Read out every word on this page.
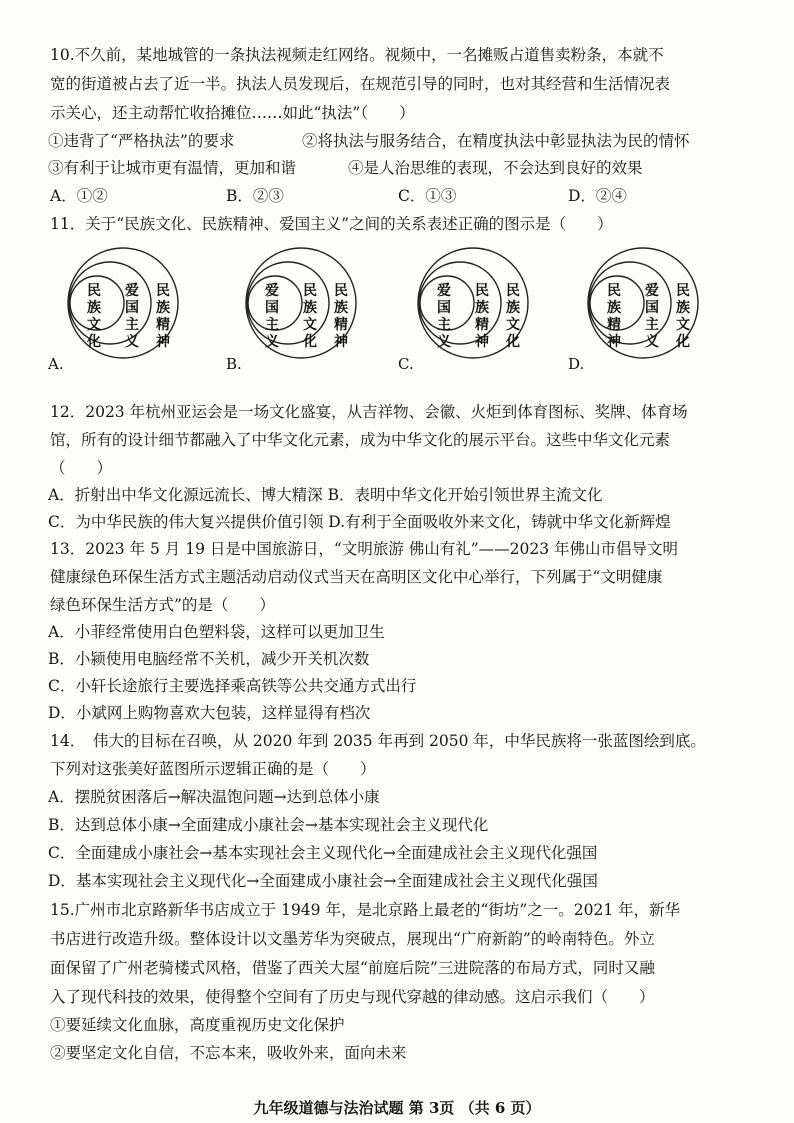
10.不久前，某地城管的一条执法视频走红网络。视频中，一名摊贩占道售卖粉条，本就不
宽的街道被占去了近一半。执法人员发现后，在规范引导的同时，也对其经营和生活情况表
示关心，还主动帮忙收拾摊位……如此“执法”（　　）
①违背了“严格执法”的要求	②将执法与服务结合，在精度执法中彰显执法为民的情怀
③有利于让城市更有温情，更加和谐	④是人治思维的表现，不会达到良好的效果
A．①②	B．②③	C．①③	D．②④
11．关于“民族文化、民族精神、爱国主义”之间的关系表述正确的图示是（　　）
民族文化
爱国主义
民族精神
A.
爱国主义
民族文化
民族精神
B.
爱国主义
民族精神
民族文化
C.
民族精神
爱国主义
民族文化
D.
12．2023 年杭州亚运会是一场文化盛宴，从吉祥物、会徽、火炬到体育图标、奖牌、体育场
馆，所有的设计细节都融入了中华文化元素，成为中华文化的展示平台。这些中华文化元素
（　　）
A．折射出中华文化源远流长、博大精深 B．表明中华文化开始引领世界主流文化
C．为中华民族的伟大复兴提供价值引领 D.有利于全面吸收外来文化，铸就中华文化新辉煌
13．2023 年 5 月 19 日是中国旅游日，“文明旅游 佛山有礼”——2023 年佛山市倡导文明
健康绿色环保生活方式主题活动启动仪式当天在高明区文化中心举行，下列属于“文明健康
绿色环保生活方式”的是（　　）
A．小菲经常使用白色塑料袋，这样可以更加卫生
B．小颍使用电脑经常不关机，减少开关机次数
C．小轩长途旅行主要选择乘高铁等公共交通方式出行
D．小斌网上购物喜欢大包装，这样显得有档次
14．　伟大的目标在召唤，从 2020 年到 2035 年再到 2050 年，中华民族将一张蓝图绘到底。
下列对这张美好蓝图所示逻辑正确的是（　　）
A．摆脱贫困落后→解决温饱问题→达到总体小康
B．达到总体小康→全面建成小康社会→基本实现社会主义现代化
C．全面建成小康社会→基本实现社会主义现代化→全面建成社会主义现代化强国
D．基本实现社会主义现代化→全面建成小康社会→全面建成社会主义现代化强国
15.广州市北京路新华书店成立于 1949 年，是北京路上最老的“街坊”之一。2021 年，新华
书店进行改造升级。整体设计以文墨芳华为突破点，展现出“广府新韵”的岭南特色。外立
面保留了广州老骑楼式风格，借鉴了西关大屋“前庭后院”三进院落的布局方式，同时又融
入了现代科技的效果，使得整个空间有了历史与现代穿越的律动感。这启示我们（　　）
①要延续文化血脉，高度重视历史文化保护
②要坚定文化自信，不忘本来，吸收外来，面向未来
九年级道德与法治试题 第 3页 （共 6 页）
